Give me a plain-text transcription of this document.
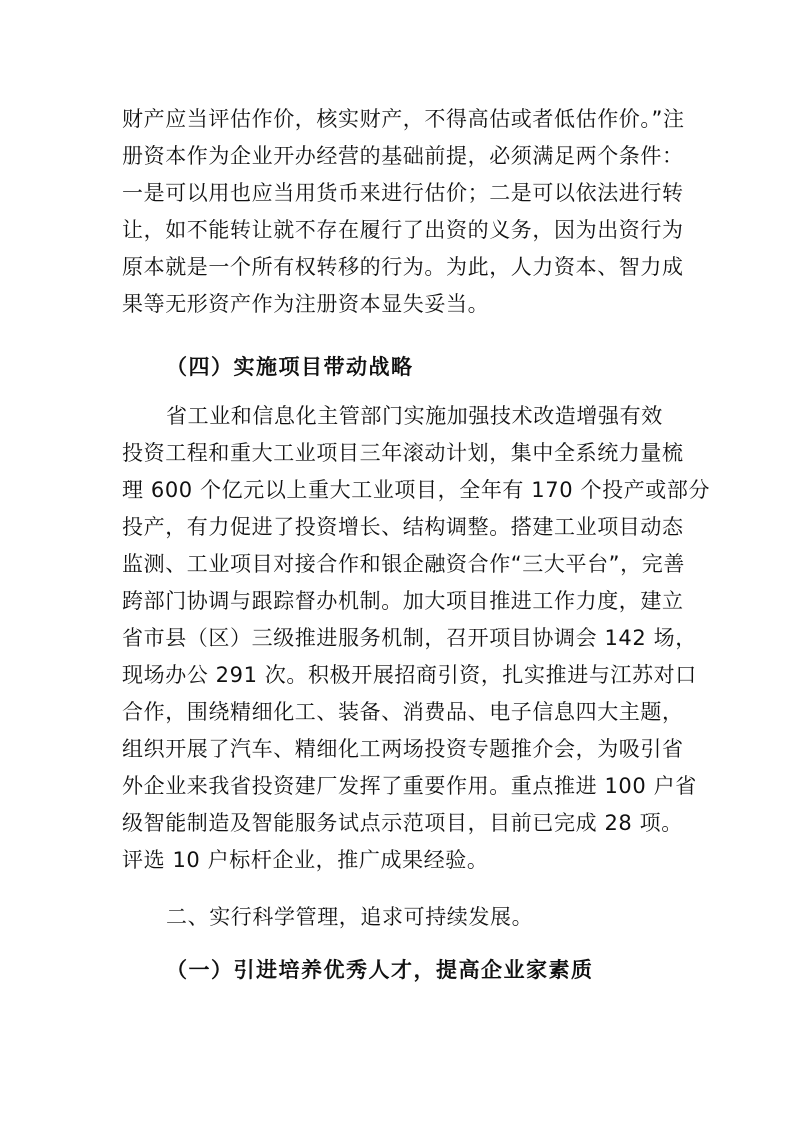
财产应当评估作价，核实财产，不得高估或者低估作价。”注
册资本作为企业开办经营的基础前提，必须满足两个条件：
一是可以用也应当用货币来进行估价；二是可以依法进行转
让，如不能转让就不存在履行了出资的义务，因为出资行为
原本就是一个所有权转移的行为。为此，人力资本、智力成
果等无形资产作为注册资本显失妥当。
（四）实施项目带动战略
省工业和信息化主管部门实施加强技术改造增强有效
投资工程和重大工业项目三年滚动计划，集中全系统力量梳
理 600 个亿元以上重大工业项目，全年有 170 个投产或部分
投产，有力促进了投资增长、结构调整。搭建工业项目动态
监测、工业项目对接合作和银企融资合作“三大平台”，完善
跨部门协调与跟踪督办机制。加大项目推进工作力度，建立
省市县（区）三级推进服务机制，召开项目协调会 142 场，
现场办公 291 次。积极开展招商引资，扎实推进与江苏对口
合作，围绕精细化工、装备、消费品、电子信息四大主题，
组织开展了汽车、精细化工两场投资专题推介会，为吸引省
外企业来我省投资建厂发挥了重要作用。重点推进 100 户省
级智能制造及智能服务试点示范项目，目前已完成 28 项。
评选 10 户标杆企业，推广成果经验。
二、实行科学管理，追求可持续发展。
（一）引进培养优秀人才，提高企业家素质
